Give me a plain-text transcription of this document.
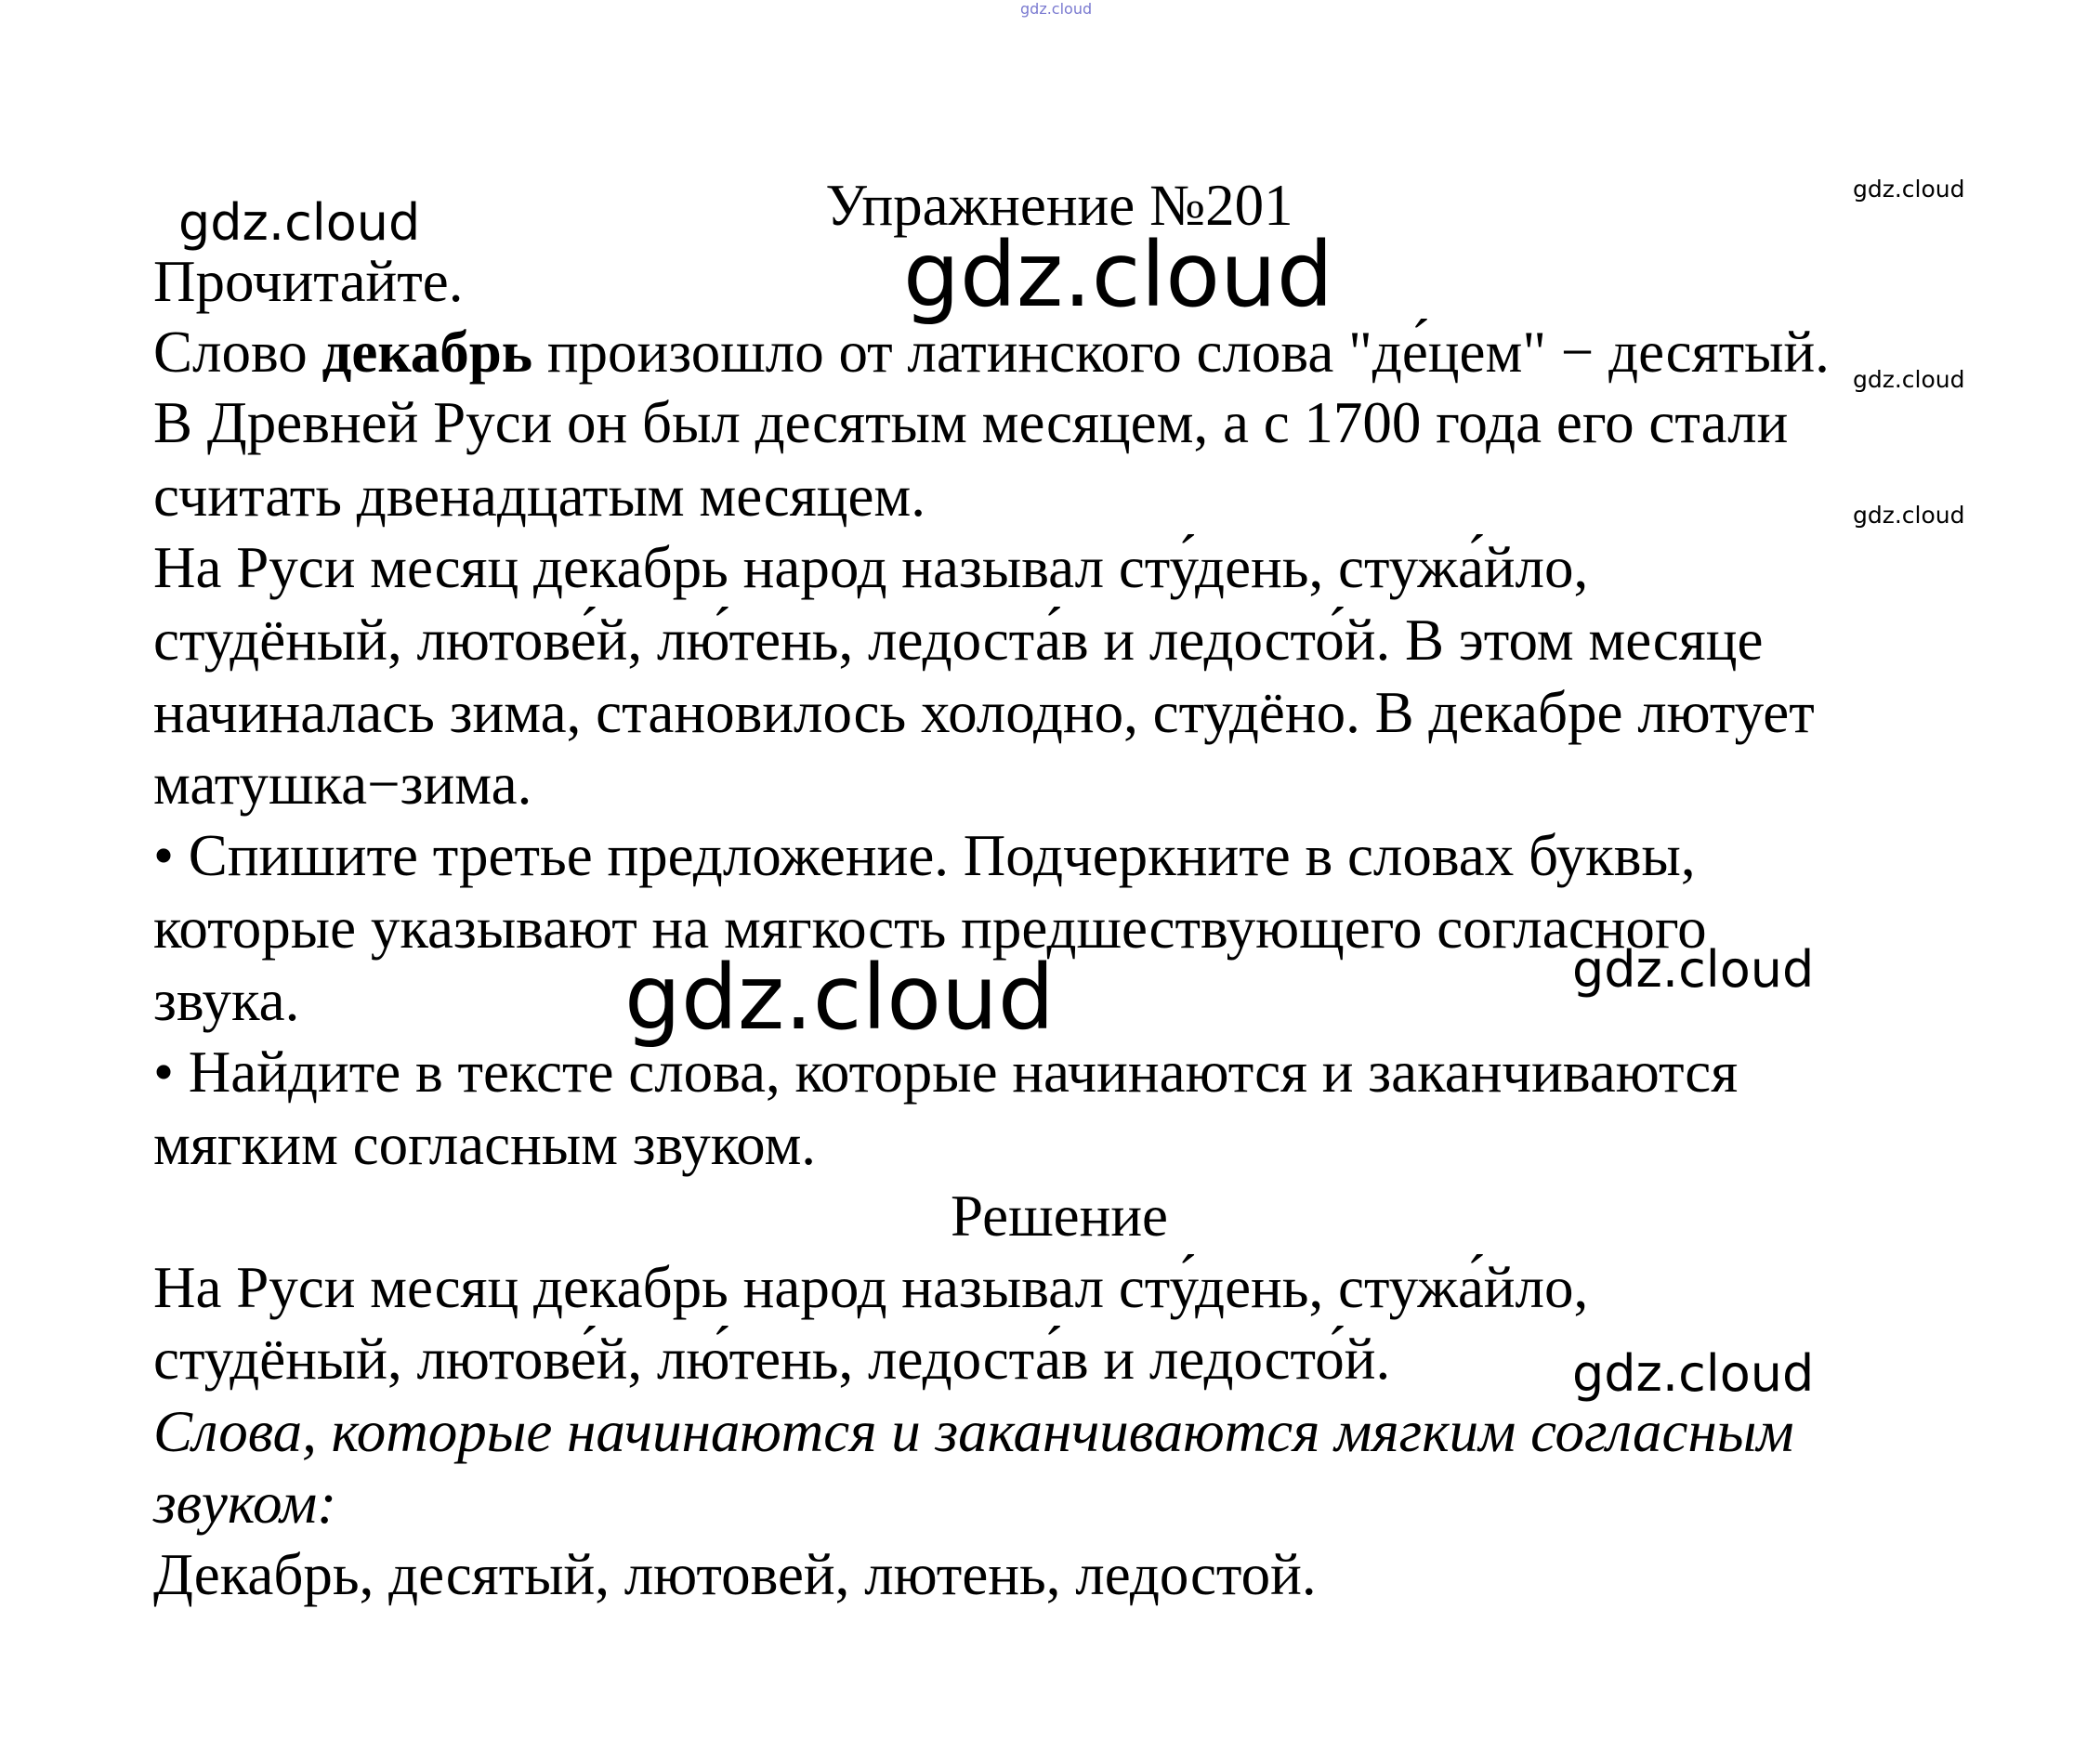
Упражнение №201
Прочитайте.
Слово декабрь произошло от латинского слова "де́цем" − десятый.
В Древней Руси он был десятым месяцем, а с 1700 года его стали
считать двенадцатым месяцем.
На Руси месяц декабрь народ называл сту́день, стужа́йло,
студёный, лютове́й, лю́тень, ледоста́в и ледосто́й. В этом месяце
начиналась зима, становилось холодно, студёно. В декабре лютует
матушка−зима.
• Спишите третье предложение. Подчеркните в словах буквы,
которые указывают на мягкость предшествующего согласного
звука.
• Найдите в тексте слова, которые начинаются и заканчиваются
мягким согласным звуком.
Решение
На Руси месяц декабрь народ называл сту́день, стужа́йло,
студёный, лютове́й, лю́тень, ледоста́в и ледосто́й.
Слова, которые начинаются и заканчиваются мягким согласным
звуком:
Декабрь, десятый, лютовей, лютень, ледостой.
gdz.cloud
gdz.cloud
gdz.cloud
gdz.cloud
gdz.cloud
gdz.cloud
gdz.cloud	gdz.cloud
gdz.cloud
